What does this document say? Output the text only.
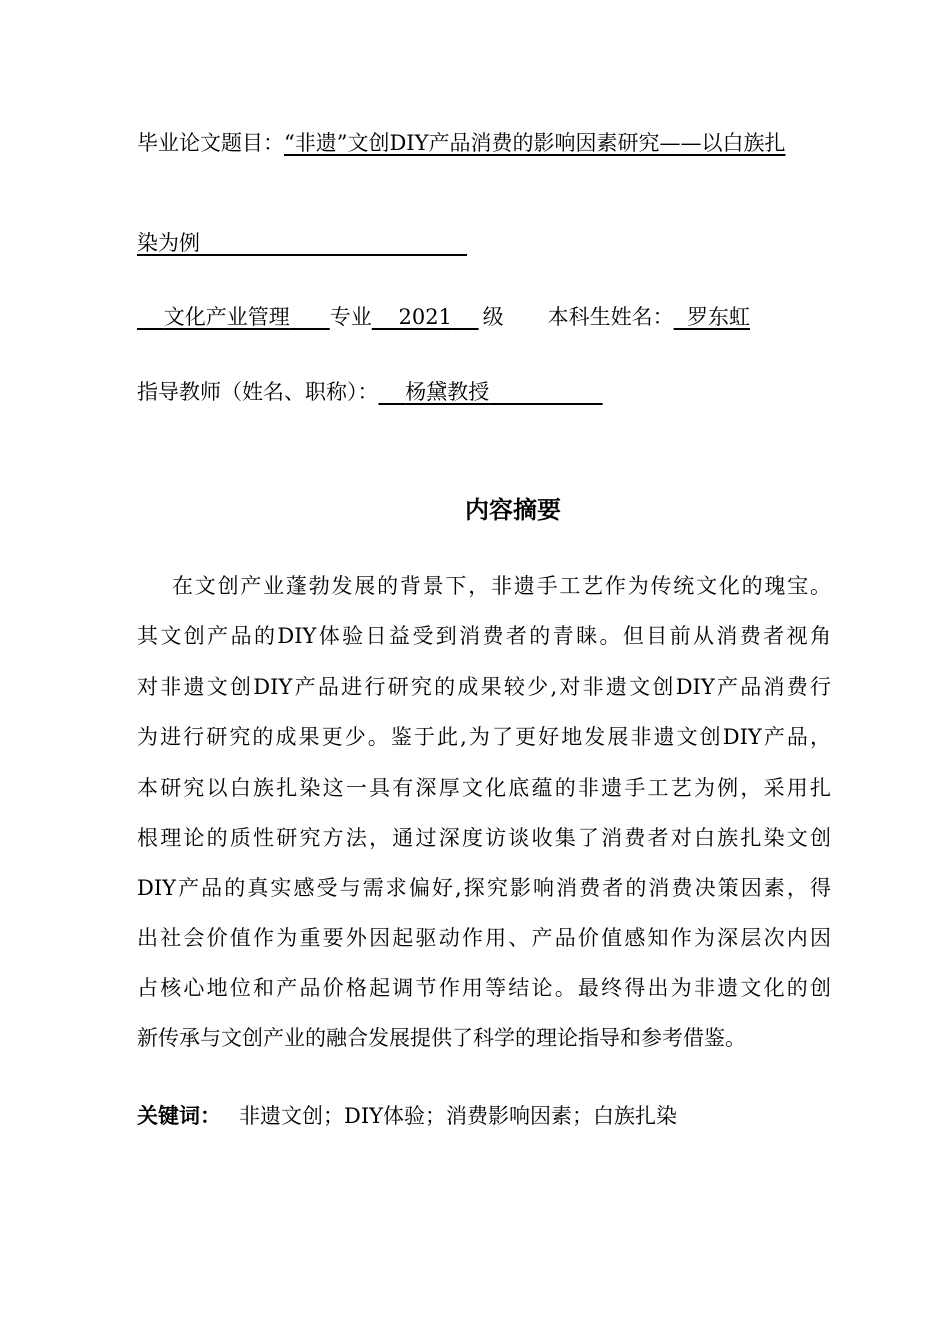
毕业论文题目：“非遗”文创DIY产品消费的影响因素研究——以白族扎
染为例
文化产业管理 专业 2021 级 本科生姓名： 罗东虹
指导教师（姓名、职称）： 杨黛教授
内容摘要
在文创产业蓬勃发展的背景下，非遗手工艺作为传统文化的瑰宝。
其文创产品的DIY体验日益受到消费者的青睐。但目前从消费者视角
对非遗文创DIY产品进行研究的成果较少,对非遗文创DIY产品消费行
为进行研究的成果更少。鉴于此,为了更好地发展非遗文创DIY产品，
本研究以白族扎染这一具有深厚文化底蕴的非遗手工艺为例，采用扎
根理论的质性研究方法，通过深度访谈收集了消费者对白族扎染文创
DIY产品的真实感受与需求偏好,探究影响消费者的消费决策因素，得
出社会价值作为重要外因起驱动作用、产品价值感知作为深层次内因
占核心地位和产品价格起调节作用等结论。最终得出为非遗文化的创
新传承与文创产业的融合发展提供了科学的理论指导和参考借鉴。
关键词： 非遗文创；DIY体验；消费影响因素；白族扎染
